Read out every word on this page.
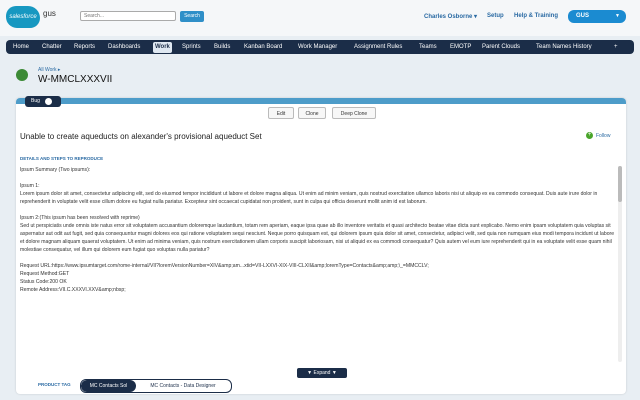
salesforce gus
Search...	Search	Charles Osborne ▾ Setup Help & Training	GUS	▼
Home Chatter Reports Dashboards	Work	Sprints Builds Kanban Board	Work Manager	Assignment Rules	Teams EMOTP Parent Clouds	Team Names History	+
All Work ▸
W-MMCLXXXVII
Bug
Edit	Clone	Deep Clone
Unable to create aqueducts on alexander's provisional aqueduct Set	+ Follow
DETAILS AND STEPS TO REPRODUCE

Ipsum Summary (Two ipsums):

Ipsum 1:

Lorem ipsum dolor sit amet, consectetur adipiscing elit, sed do eiusmod tempor incididunt ut labore et dolore magna aliqua. Ut enim ad minim veniam, quis nostrud exercitation ullamco laboris nisi ut aliquip ex ea commodo consequat. Duis aute irure dolor in reprehenderit in voluptate velit esse cillum dolore eu fugiat nulla pariatur. Excepteur sint occaecat cupidatat non proident, sunt in culpa qui officia deserunt mollit anim id est laborum.

Ipsum 2:(This ipsum has been resolved with reprime)

Sed ut perspiciatis unde omnis iste natus error sit voluptatem accusantium doloremque laudantium, totam rem aperiam, eaque ipsa quae ab illo inventore veritatis et quasi architecto beatae vitae dicta sunt explicabo. Nemo enim ipsam voluptatem quia voluptas sit aspernatur aut odit aut fugit, sed quia consequuntur magni dolores eos qui ratione voluptatem sequi nesciunt. Neque porro quisquam est, qui dolorem ipsum quia dolor sit amet, consectetur, adipisci velit, sed quia non numquam eius modi tempora incidunt ut labore et dolore magnam aliquam quaerat voluptatem. Ut enim ad minima veniam, quis nostrum exercitationem ullam corporis suscipit laboriosam, nisi ut aliquid ex ea commodi consequatur? Quis autem vel eum iure reprehenderit qui in ea voluptate velit esse quam nihil molestiae consequatur, vel illum qui dolorem eum fugiat quo voluptas nulla pariatur?

Request URL:https://www.ipsumtarget.com/rome-internal/VII?loremVersionNumber=XIV&amp;am...xtid=VII-LXXVI-XIX-VIII-CLXII&amp;loremType=Contacts&amp;amp;\_=MMCCLV;

Request Method:GET

Status Code:200 OK

Remote Address:VII.C.XXXVI.XXV&amp;nbsp;

▼ Expand ▼
PRODUCT TAG	MC Contacts Sol	MC Contacts - Data Designer
